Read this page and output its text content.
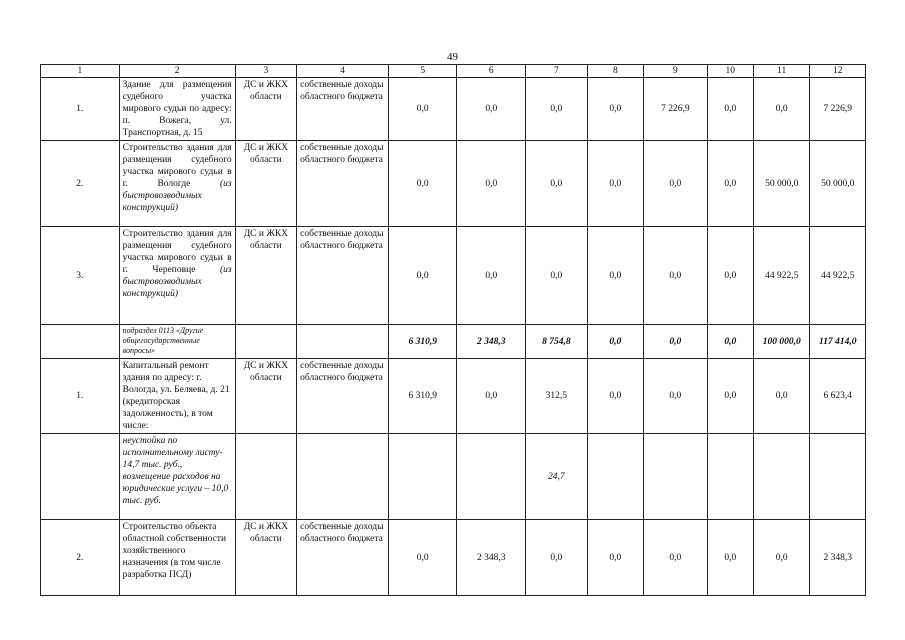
49
1	2	3	4	5	6	7	8	9	10	11	12
1.	Здание для размещения судебного участка мирового судьи по адресу: п. Вожега, ул. Транспортная, д. 15	ДС и ЖКХ области	собственные доходы областного бюджета	0,0	0,0	0,0	0,0	7 226,9	0,0	0,0	7 226,9
2.	Строительство здания для размещения судебного участка мирового судьи в г. Вологде (из быстровозводимых конструкций)	ДС и ЖКХ области	собственные доходы областного бюджета	0,0	0,0	0,0	0,0	0,0	0,0	50 000,0	50 000,0
3.	Строительство здания для размещения судебного участка мирового судьи в г. Череповце (из быстровозводимых конструкций)	ДС и ЖКХ области	собственные доходы областного бюджета	0,0	0,0	0,0	0,0	0,0	0,0	44 922,5	44 922,5
	подраздел 0113 «Другие общегосударственные вопросы»			6 310,9	2 348,3	8 754,8	0,0	0,0	0,0	100 000,0	117 414,0
1.	Капитальный ремонт здания по адресу: г. Вологда, ул. Беляева, д. 21 (кредиторская задолженность), в том числе:	ДС и ЖКХ области	собственные доходы областного бюджета	6 310,9	0,0	312,5	0,0	0,0	0,0	0,0	6 623,4
	неустойка по исполнительному листу- 14,7 тыс. руб., возмещение расходов на юридические услуги – 10,0 тыс. руб.					24,7					
2.	Строительство объекта областной собственности хозяйственного назначения (в том числе разработка ПСД)	ДС и ЖКХ области	собственные доходы областного бюджета	0,0	2 348,3	0,0	0,0	0,0	0,0	0,0	2 348,3
